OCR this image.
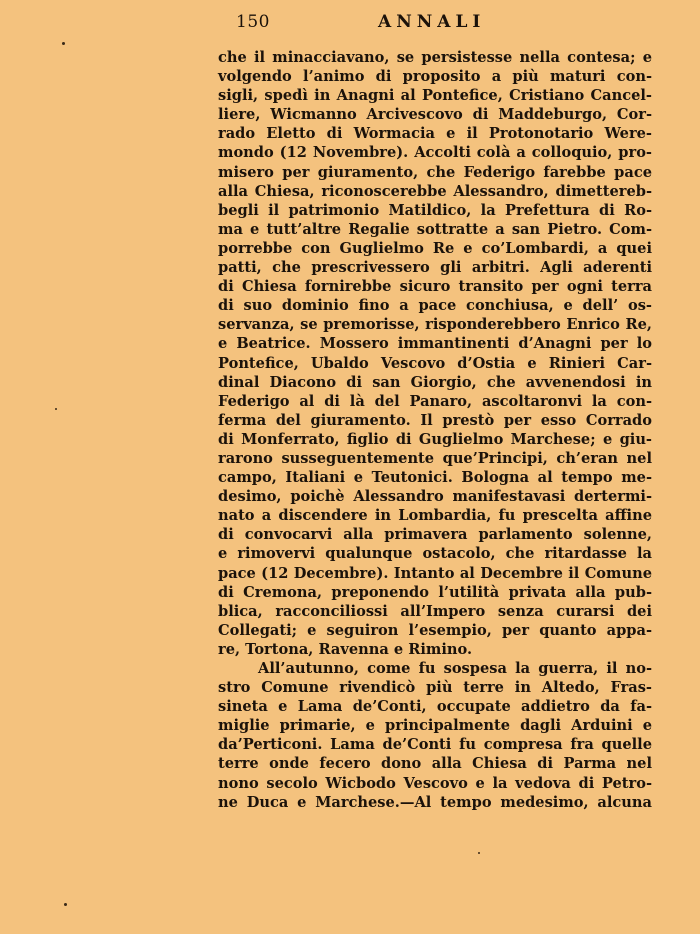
150	ANNALI
che il minacciavano, se persistesse nella contesa; e
volgendo l’animo di proposito a più maturi con-
sigli, spedì in Anagni al Pontefice, Cristiano Cancel-
liere, Wicmanno Arcivescovo di Maddeburgo, Cor-
rado Eletto di Wormacia e il Protonotario Were-
mondo (12 Novembre). Accolti colà a colloquio, pro-
misero per giuramento, che Federigo farebbe pace
alla Chiesa, riconoscerebbe Alessandro, dimettereb-
begli il patrimonio Matildico, la Prefettura di Ro-
ma e tutt’altre Regalie sottratte a san Pietro. Com-
porrebbe con Guglielmo Re e co’Lombardi, a quei
patti, che prescrivessero gli arbitri. Agli aderenti
di Chiesa fornirebbe sicuro transito per ogni terra
di suo dominio fino a pace conchiusa, e dell’ os-
servanza, se premorisse, risponderebbero Enrico Re,
e Beatrice. Mossero immantinenti d’Anagni per lo
Pontefice, Ubaldo Vescovo d’Ostia e Rinieri Car-
dinal Diacono di san Giorgio, che avvenendosi in
Federigo al di là del Panaro, ascoltaronvi la con-
ferma del giuramento. Il prestò per esso Corrado
di Monferrato, figlio di Guglielmo Marchese; e giu-
rarono susseguentemente que’Principi, ch’eran nel
campo, Italiani e Teutonici. Bologna al tempo me-
desimo, poichè Alessandro manifestavasi dertermi-
nato a discendere in Lombardia, fu prescelta affine
di convocarvi alla primavera parlamento solenne,
e rimovervi qualunque ostacolo, che ritardasse la
pace (12 Decembre). Intanto al Decembre il Comune
di Cremona, preponendo l’utilità privata alla pub-
blica, racconciliossi all’Impero senza curarsi dei
Collegati; e seguiron l’esempio, per quanto appa-
re, Tortona, Ravenna e Rimino.
All’autunno, come fu sospesa la guerra, il no-
stro Comune rivendicò più terre in Altedo, Fras-
sineta e Lama de’Conti, occupate addietro da fa-
miglie primarie, e principalmente dagli Arduini e
da’Perticoni. Lama de’Conti fu compresa fra quelle
terre onde fecero dono alla Chiesa di Parma nel
nono secolo Wicbodo Vescovo e la vedova di Petro-
ne Duca e Marchese.—Al tempo medesimo, alcuna
